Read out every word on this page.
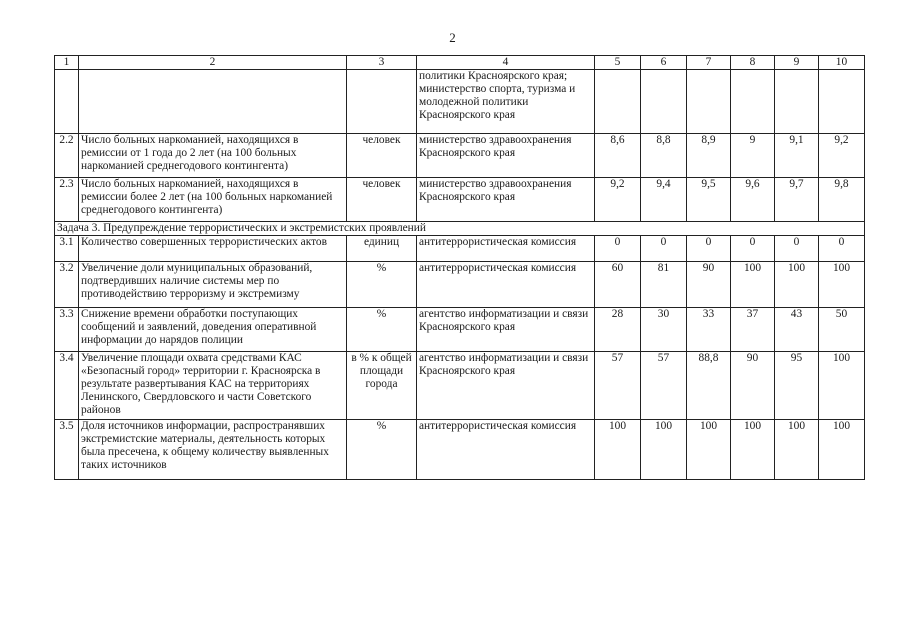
2
1	2	3	4	5	6	7	8	9	10
			политики Красноярского края; министерство спорта, туризма и молодежной политики Красноярского края						
2.2	Число больных наркоманией, находящихся в ремиссии от 1 года до 2 лет (на 100 больных наркоманией среднегодового контингента)	человек	министерство здравоохранения Красноярского края	8,6	8,8	8,9	9	9,1	9,2
2.3	Число больных наркоманией, находящихся в ремиссии более 2 лет (на 100 больных наркоманией среднегодового контингента)	человек	министерство здравоохранения Красноярского края	9,2	9,4	9,5	9,6	9,7	9,8
Задача 3. Предупреждение террористических и экстремистских проявлений									
3.1	Количество совершенных террористических актов	единиц	антитеррористическая комиссия	0	0	0	0	0	0
3.2	Увеличение доли муниципальных образований, подтвердивших наличие системы мер по противодействию терроризму и экстремизму	%	антитеррористическая комиссия	60	81	90	100	100	100
3.3	Снижение времени обработки поступающих сообщений и заявлений, доведения оперативной информации до нарядов полиции	%	агентство информатизации и связи Красноярского края	28	30	33	37	43	50
3.4	Увеличение площади охвата средствами КАС «Безопасный город» территории г. Красноярска в результате развертывания КАС на территориях Ленинского, Свердловского и части Советского районов	в % к общей площади города	агентство информатизации и связи Красноярского края	57	57	88,8	90	95	100
3.5	Доля источников информации, распространявших экстремистские материалы, деятельность которых была пресечена, к общему количеству выявленных таких источников	%	антитеррористическая комиссия	100	100	100	100	100	100
